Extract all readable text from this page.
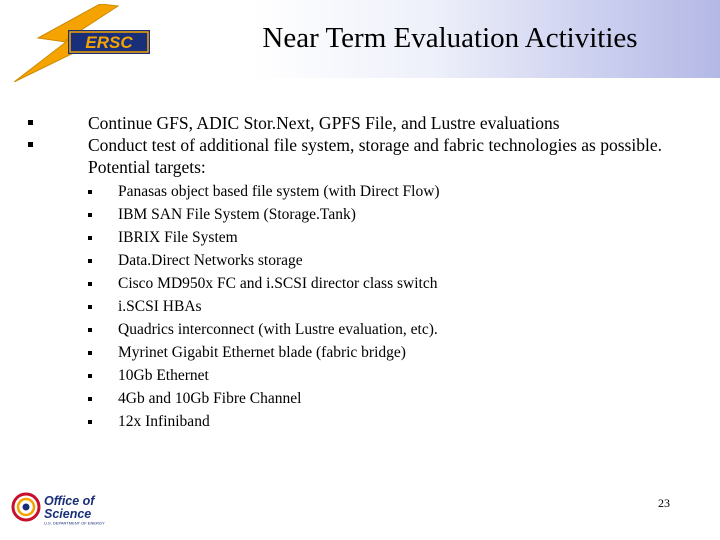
ERSC	Near Term Evaluation Activities
Continue GFS, ADIC Stor.Next, GPFS File, and Lustre evaluations
Conduct test of additional file system, storage and fabric technologies as possible. Potential targets:
Panasas object based file system (with Direct Flow)
IBM SAN File System (Storage.Tank)
IBRIX File System
Data.Direct Networks storage
Cisco MD950x FC and i.SCSI director class switch
i.SCSI HBAs
Quadrics interconnect (with Lustre evaluation, etc).
Myrinet Gigabit Ethernet blade (fabric bridge)
10Gb Ethernet
4Gb and 10Gb Fibre Channel
12x Infiniband
Office of
Science
U.S. DEPARTMENT OF ENERGY
23
